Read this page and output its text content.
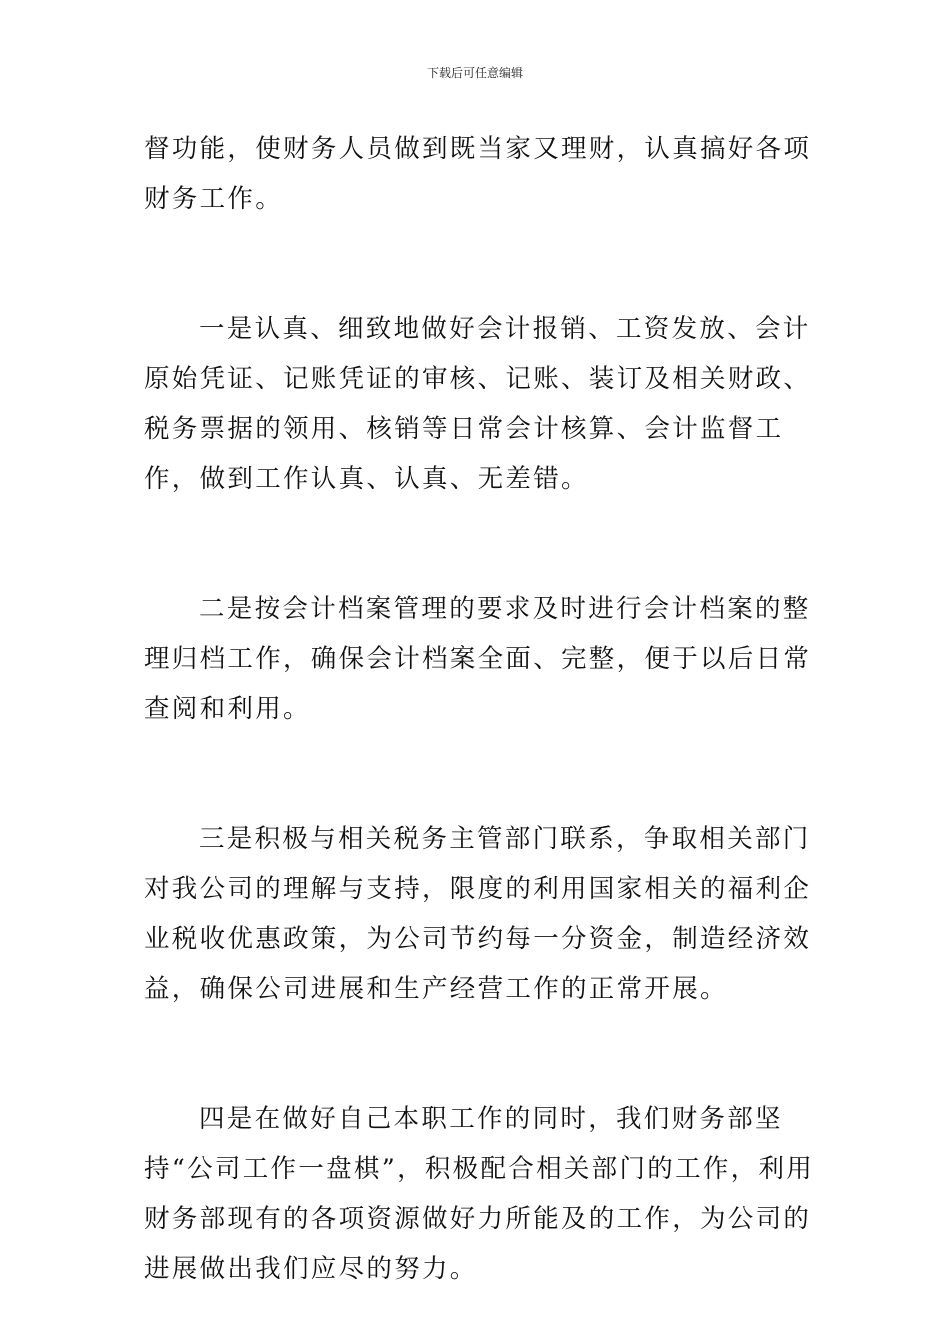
下载后可任意编辑

督功能，使财务人员做到既当家又理财，认真搞好各项财务工作。

一是认真、细致地做好会计报销、工资发放、会计原始凭证、记账凭证的审核、记账、装订及相关财政、税务票据的领用、核销等日常会计核算、会计监督工作，做到工作认真、认真、无差错。

二是按会计档案管理的要求及时进行会计档案的整理归档工作，确保会计档案全面、完整，便于以后日常查阅和利用。

三是积极与相关税务主管部门联系，争取相关部门对我公司的理解与支持，限度的利用国家相关的福利企业税收优惠政策，为公司节约每一分资金，制造经济效益，确保公司进展和生产经营工作的正常开展。

四是在做好自己本职工作的同时，我们财务部坚持“公司工作一盘棋”，积极配合相关部门的工作，利用财务部现有的各项资源做好力所能及的工作，为公司的进展做出我们应尽的努力。
